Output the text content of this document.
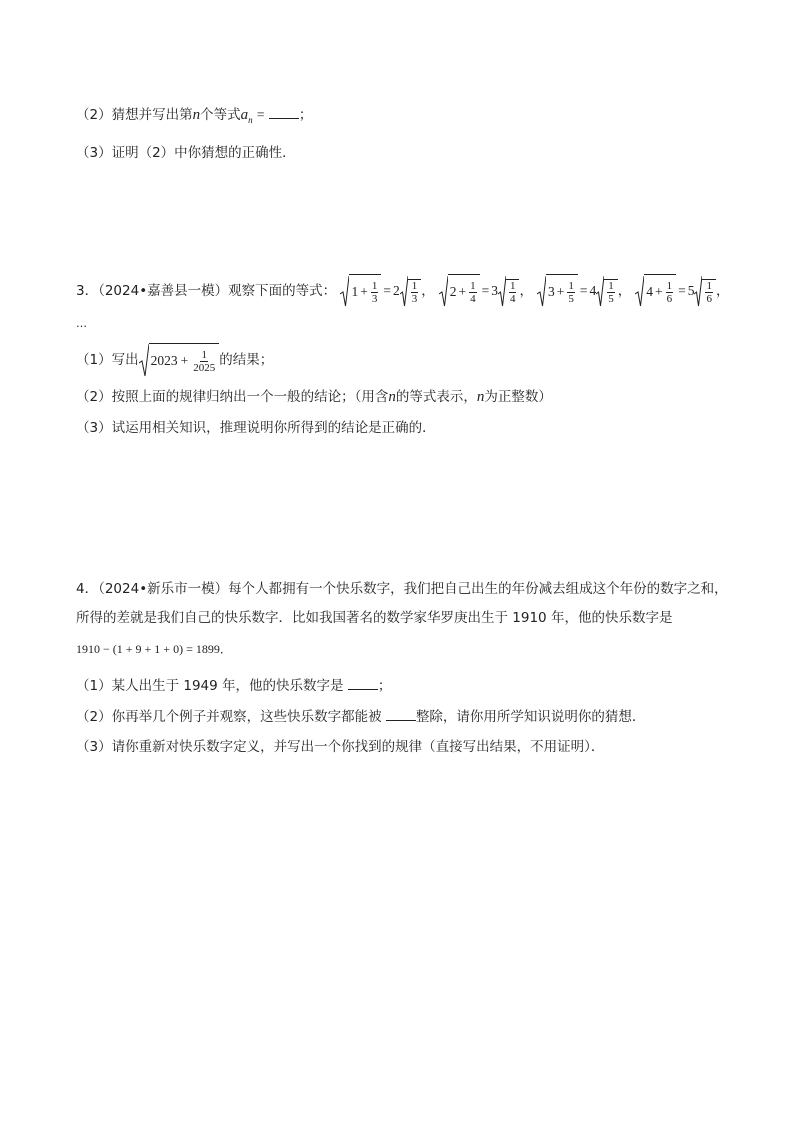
（2）猜想并写出第n个等式$a_n$ =	；
（3）证明（2）中你猜想的正确性．
3．（2024•嘉善县一模）观察下面的等式： $1 + \frac{1}{3} = 2 \frac{1}{3}$ ， $2 + \frac{1}{4} = 3 \frac{1}{4}$ ， $3 + \frac{1}{5} = 4 \frac{1}{5}$ ， $4 + \frac{1}{6} = 5 \frac{1}{6}$ ，
…
（1）写出 $2023 + \frac{1}{2025}$ 的结果；
（2）按照上面的规律归纳出一个一般的结论；（用含n的等式表示，n为正整数）
（3）试运用相关知识，推理说明你所得到的结论是正确的．
4．（2024•新乐市一模）每个人都拥有一个快乐数字，我们把自己出生的年份减去组成这个年份的数字之和，
所得的差就是我们自己的快乐数字．比如我国著名的数学家华罗庚出生于 1910 年，他的快乐数字是
1910 − (1 + 9 + 1 + 0) = 1899．
（1）某人出生于 1949 年，他的快乐数字是 ；
（2）你再举几个例子并观察，这些快乐数字都能被 整除，请你用所学知识说明你的猜想．
（3）请你重新对快乐数字定义，并写出一个你找到的规律（直接写出结果，不用证明）．
